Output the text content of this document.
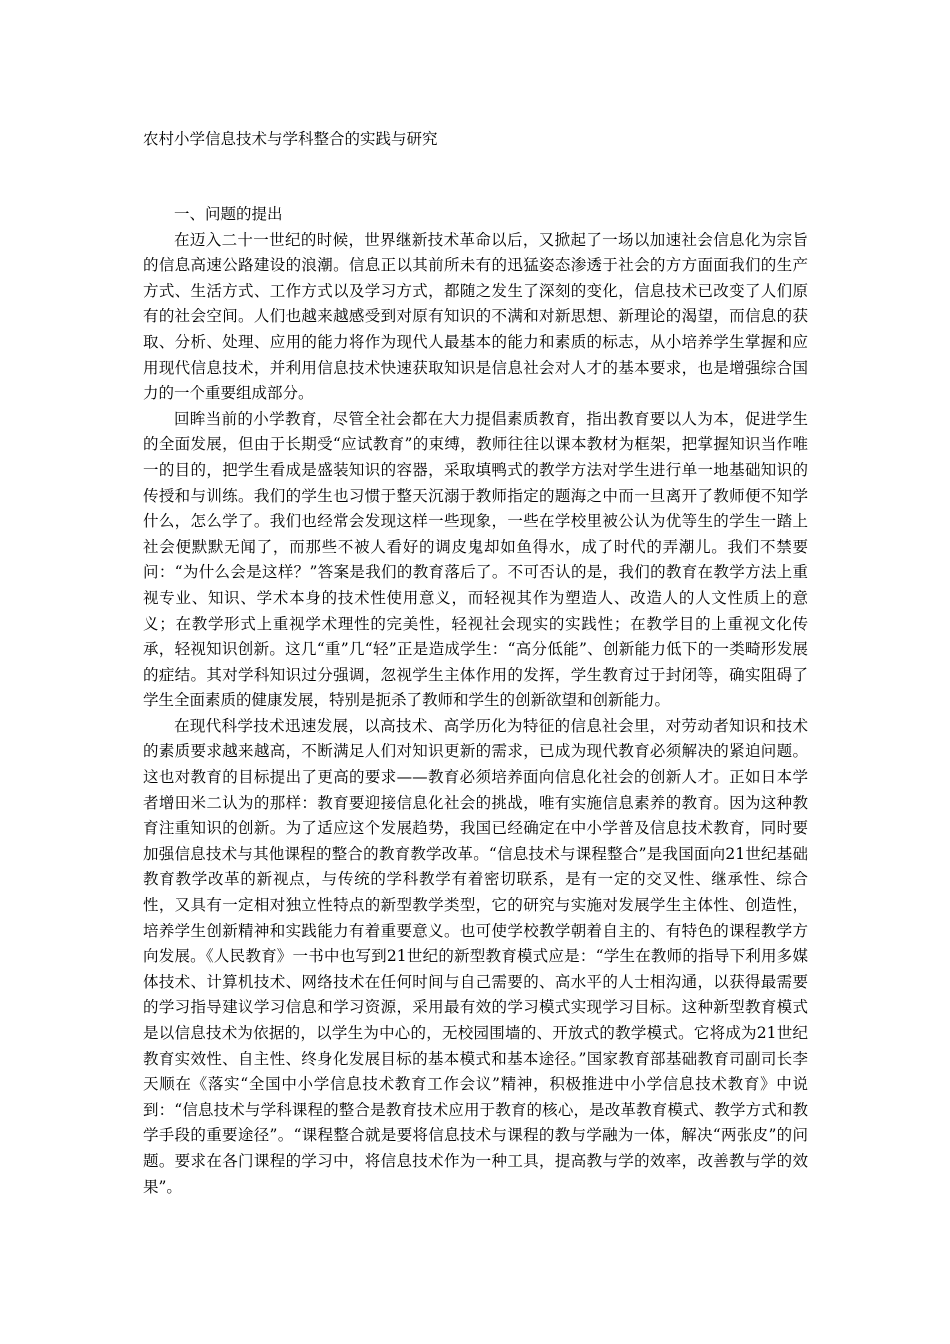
农村小学信息技术与学科整合的实践与研究
一、问题的提出

在迈入二十一世纪的时候，世界继新技术革命以后，又掀起了一场以加速社会信息化为宗旨的信息高速公路建设的浪潮。信息正以其前所未有的迅猛姿态渗透于社会的方方面面我们的生产方式、生活方式、工作方式以及学习方式，都随之发生了深刻的变化，信息技术已改变了人们原有的社会空间。人们也越来越感受到对原有知识的不满和对新思想、新理论的渴望，而信息的获取、分析、处理、应用的能力将作为现代人最基本的能力和素质的标志，从小培养学生掌握和应用现代信息技术，并利用信息技术快速获取知识是信息社会对人才的基本要求，也是增强综合国力的一个重要组成部分。

回眸当前的小学教育，尽管全社会都在大力提倡素质教育，指出教育要以人为本，促进学生的全面发展，但由于长期受“应试教育”的束缚，教师往往以课本教材为框架，把掌握知识当作唯一的目的，把学生看成是盛装知识的容器，采取填鸭式的教学方法对学生进行单一地基础知识的传授和与训练。我们的学生也习惯于整天沉溺于教师指定的题海之中而一旦离开了教师便不知学什么，怎么学了。我们也经常会发现这样一些现象，一些在学校里被公认为优等生的学生一踏上社会便默默无闻了，而那些不被人看好的调皮鬼却如鱼得水，成了时代的弄潮儿。我们不禁要问：“为什么会是这样？”答案是我们的教育落后了。不可否认的是，我们的教育在教学方法上重视专业、知识、学术本身的技术性使用意义，而轻视其作为塑造人、改造人的人文性质上的意义；在教学形式上重视学术理性的完美性，轻视社会现实的实践性；在教学目的上重视文化传承，轻视知识创新。这几“重”几“轻”正是造成学生：“高分低能”、创新能力低下的一类畸形发展的症结。其对学科知识过分强调，忽视学生主体作用的发挥，学生教育过于封闭等，确实阻碍了学生全面素质的健康发展，特别是扼杀了教师和学生的创新欲望和创新能力。

在现代科学技术迅速发展，以高技术、高学历化为特征的信息社会里，对劳动者知识和技术的素质要求越来越高，不断满足人们对知识更新的需求，已成为现代教育必须解决的紧迫问题。这也对教育的目标提出了更高的要求——教育必须培养面向信息化社会的创新人才。正如日本学者增田米二认为的那样：教育要迎接信息化社会的挑战，唯有实施信息素养的教育。因为这种教育注重知识的创新。为了适应这个发展趋势，我国已经确定在中小学普及信息技术教育，同时要加强信息技术与其他课程的整合的教育教学改革。“信息技术与课程整合”是我国面向21世纪基础教育教学改革的新视点，与传统的学科教学有着密切联系，是有一定的交叉性、继承性、综合性，又具有一定相对独立性特点的新型教学类型，它的研究与实施对发展学生主体性、创造性，培养学生创新精神和实践能力有着重要意义。也可使学校教学朝着自主的、有特色的课程教学方向发展。《人民教育》一书中也写到21世纪的新型教育模式应是：“学生在教师的指导下利用多媒体技术、计算机技术、网络技术在任何时间与自己需要的、高水平的人士相沟通，以获得最需要的学习指导建议学习信息和学习资源，采用最有效的学习模式实现学习目标。这种新型教育模式是以信息技术为依据的，以学生为中心的，无校园围墙的、开放式的教学模式。它将成为21世纪教育实效性、自主性、终身化发展目标的基本模式和基本途径。”国家教育部基础教育司副司长李天顺在《落实“全国中小学信息技术教育工作会议”精神，积极推进中小学信息技术教育》中说到：“信息技术与学科课程的整合是教育技术应用于教育的核心，是改革教育模式、教学方式和教学手段的重要途径”。“课程整合就是要将信息技术与课程的教与学融为一体，解决“两张皮”的问题。要求在各门课程的学习中，将信息技术作为一种工具，提高教与学的效率，改善教与学的效果”。
